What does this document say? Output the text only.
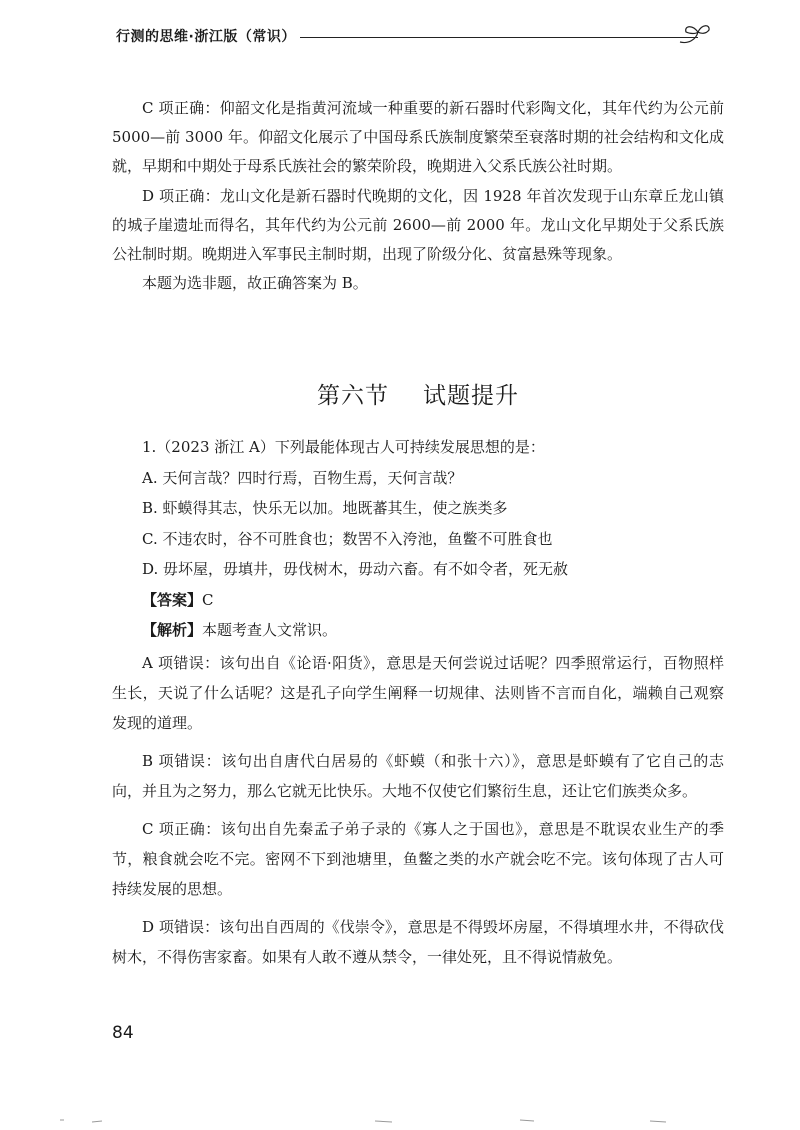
行测的思维·浙江版（常识）

C 项正确：仰韶文化是指黄河流域一种重要的新石器时代彩陶文化，其年代约为公元前 5000—前 3000 年。仰韶文化展示了中国母系氏族制度繁荣至衰落时期的社会结构和文化成就，早期和中期处于母系氏族社会的繁荣阶段，晚期进入父系氏族公社时期。

D 项正确：龙山文化是新石器时代晚期的文化，因 1928 年首次发现于山东章丘龙山镇的城子崖遗址而得名，其年代约为公元前 2600—前 2000 年。龙山文化早期处于父系氏族公社制时期。晚期进入军事民主制时期，出现了阶级分化、贫富悬殊等现象。

本题为选非题，故正确答案为 B。

第六节 试题提升

1.（2023 浙江 A）下列最能体现古人可持续发展思想的是：

A. 天何言哉？四时行焉，百物生焉，天何言哉？

B. 虾蟆得其志，快乐无以加。地既蕃其生，使之族类多

C. 不违农时，谷不可胜食也；数罟不入洿池，鱼鳖不可胜食也

D. 毋坏屋，毋填井，毋伐树木，毋动六畜。有不如令者，死无赦

【答案】C

【解析】本题考查人文常识。

A 项错误：该句出自《论语·阳货》，意思是天何尝说过话呢？四季照常运行，百物照样生长，天说了什么话呢？这是孔子向学生阐释一切规律、法则皆不言而自化，端赖自己观察发现的道理。

B 项错误：该句出自唐代白居易的《虾蟆（和张十六）》，意思是虾蟆有了它自己的志向，并且为之努力，那么它就无比快乐。大地不仅使它们繁衍生息，还让它们族类众多。

C 项正确：该句出自先秦孟子弟子录的《寡人之于国也》，意思是不耽误农业生产的季节，粮食就会吃不完。密网不下到池塘里，鱼鳖之类的水产就会吃不完。该句体现了古人可持续发展的思想。

D 项错误：该句出自西周的《伐崇令》，意思是不得毁坏房屋，不得填埋水井，不得砍伐树木，不得伤害家畜。如果有人敢不遵从禁令，一律处死，且不得说情赦免。

84
